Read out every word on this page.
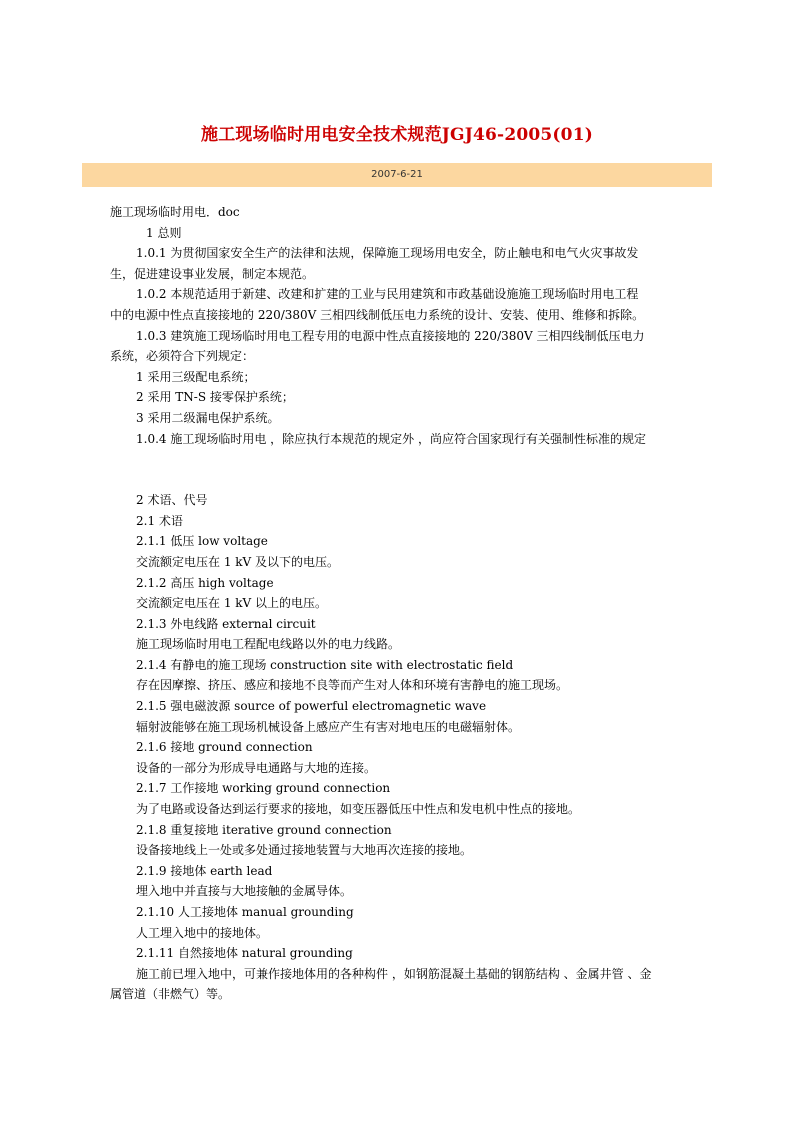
施工现场临时用电安全技术规范JGJ46-2005(01)
2007-6-21
施工现场临时用电．doc
1 总则
1.0.1 为贯彻国家安全生产的法律和法规，保障施工现场用电安全，防止触电和电气火灾事故发
生，促进建设事业发展，制定本规范。
1.0.2 本规范适用于新建、改建和扩建的工业与民用建筑和市政基础设施施工现场临时用电工程
中的电源中性点直接接地的 220/380V 三相四线制低压电力系统的设计、安装、使用、维修和拆除。
1.0.3 建筑施工现场临时用电工程专用的电源中性点直接接地的 220/380V 三相四线制低压电力
系统，必须符合下列规定：
1 采用三级配电系统；
2 采用 TN-S 接零保护系统；
3 采用二级漏电保护系统。
1.0.4 施工现场临时用电 ，除应执行本规范的规定外 ，尚应符合国家现行有关强制性标准的规定
2 术语、代号
2.1 术语
2.1.1 低压 low voltage
交流额定电压在 1 kV 及以下的电压。
2.1.2 高压 high voltage
交流额定电压在 1 kV 以上的电压。
2.1.3 外电线路 external circuit
施工现场临时用电工程配电线路以外的电力线路。
2.1.4 有静电的施工现场 construction site with electrostatic field
存在因摩擦、挤压、感应和接地不良等而产生对人体和环境有害静电的施工现场。
2.1.5 强电磁波源 source of powerful electromagnetic wave
辐射波能够在施工现场机械设备上感应产生有害对地电压的电磁辐射体。
2.1.6 接地 ground connection
设备的一部分为形成导电通路与大地的连接。
2.1.7 工作接地 working ground connection
为了电路或设备达到运行要求的接地，如变压器低压中性点和发电机中性点的接地。
2.1.8 重复接地 iterative ground connection
设备接地线上一处或多处通过接地装置与大地再次连接的接地。
2.1.9 接地体 earth lead
埋入地中并直接与大地接触的金属导体。
2.1.10 人工接地体 manual grounding
人工埋入地中的接地体。
2.1.11 自然接地体 natural grounding
施工前已埋入地中，可兼作接地体用的各种构件 ，如钢筋混凝土基础的钢筋结构 、金属井管 、金
属管道（非燃气）等。
